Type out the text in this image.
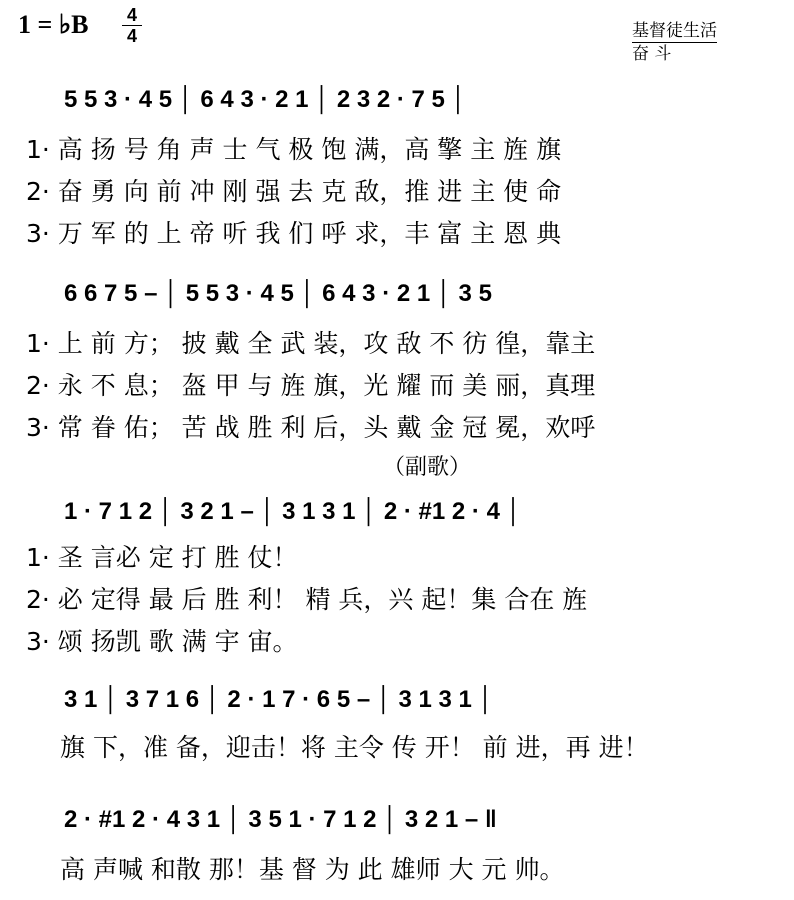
1 = ♭B 4
4	基督徒生活
奋 斗
5 5 3 · 4 5 │ 6 4 3 · 2 1 │ 2 3 2 · 7 5 │
1· 高 扬 号 角 声 士 气 极 饱 满，高 擎 主 旌 旗
2· 奋 勇 向 前 冲 刚 强 去 克 敌，推 进 主 使 命
3· 万 军 的 上 帝 听 我 们 呼 求，丰 富 主 恩 典
6 6 7 5 – │ 5 5 3 · 4 5 │ 6 4 3 · 2 1 │ 3 5
1· 上 前 方； 披 戴 全 武 装，攻 敌 不 彷 徨，靠主
2· 永 不 息； 盔 甲 与 旌 旗，光 耀 而 美 丽，真理
3· 常 眷 佑； 苦 战 胜 利 后，头 戴 金 冠 冕，欢呼
（副歌）
1 · 7 1 2 │ 3 2 1 – │ 3 1 3 1 │ 2 · #1 2 · 4 │
1· 圣 言必 定 打 胜 仗！
2· 必 定得 最 后 胜 利！ 精 兵，兴 起！集 合在 旌
3· 颂 扬凯 歌 满 宇 宙。
3 1 │ 3 7 1 6 │ 2 · 1 7 · 6 5 – │ 3 1 3 1 │
旗 下，准 备，迎击！将 主令 传 开！ 前 进，再 进！
2 · #1 2 · 4 3 1 │ 3 5 1 · 7 1 2 │ 3 2 1 – ‖
高 声喊 和散 那！基 督 为 此 雄师 大 元 帅。
